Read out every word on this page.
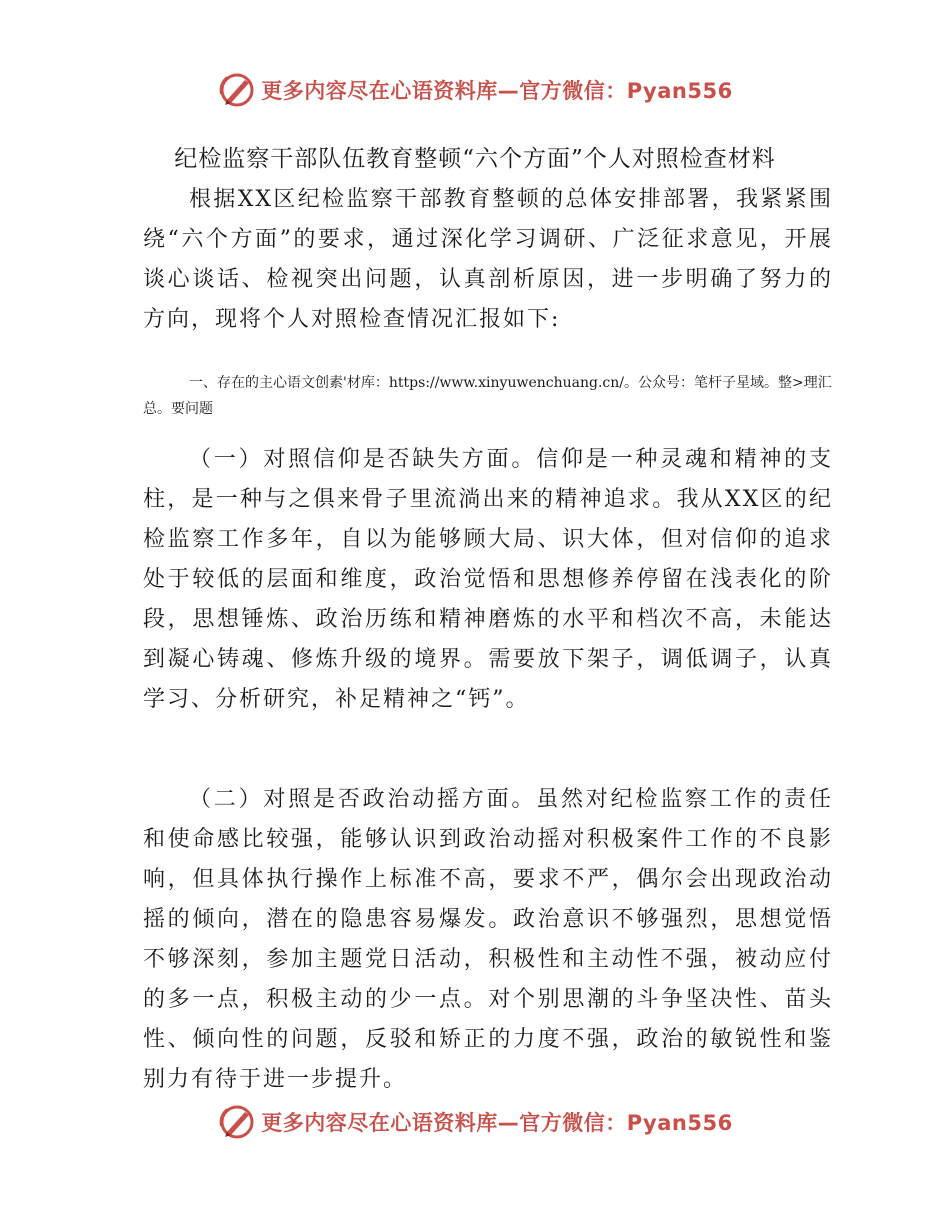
更多内容尽在心语资料库—官方微信：Pyan556
纪检监察干部队伍教育整顿“六个方面”个人对照检查材料

根据XX区纪检监察干部教育整顿的总体安排部署，我紧紧围绕“六个方面”的要求，通过深化学习调研、广泛征求意见，开展谈心谈话、检视突出问题，认真剖析原因，进一步明确了努力的方向，现将个人对照检查情况汇报如下:

一、存在的主心语文创素'材库：https://www.xinyuwenchuang.cn/。公众号：笔杆子星域。整>理汇总。要问题

（一）对照信仰是否缺失方面。信仰是一种灵魂和精神的支柱，是一种与之俱来骨子里流淌出来的精神追求。我从XX区的纪检监察工作多年，自以为能够顾大局、识大体，但对信仰的追求处于较低的层面和维度，政治觉悟和思想修养停留在浅表化的阶段，思想锤炼、政治历练和精神磨炼的水平和档次不高，未能达到凝心铸魂、修炼升级的境界。需要放下架子，调低调子，认真学习、分析研究，补足精神之“钙”。

（二）对照是否政治动摇方面。虽然对纪检监察工作的责任和使命感比较强，能够认识到政治动摇对积极案件工作的不良影响，但具体执行操作上标准不高，要求不严，偶尔会出现政治动摇的倾向，潜在的隐患容易爆发。政治意识不够强烈，思想觉悟不够深刻，参加主题党日活动，积极性和主动性不强，被动应付的多一点，积极主动的少一点。对个别思潮的斗争坚决性、苗头性、倾向性的问题，反驳和矫正的力度不强，政治的敏锐性和鉴别力有待于进一步提升。

更多内容尽在心语资料库—官方微信：Pyan556
